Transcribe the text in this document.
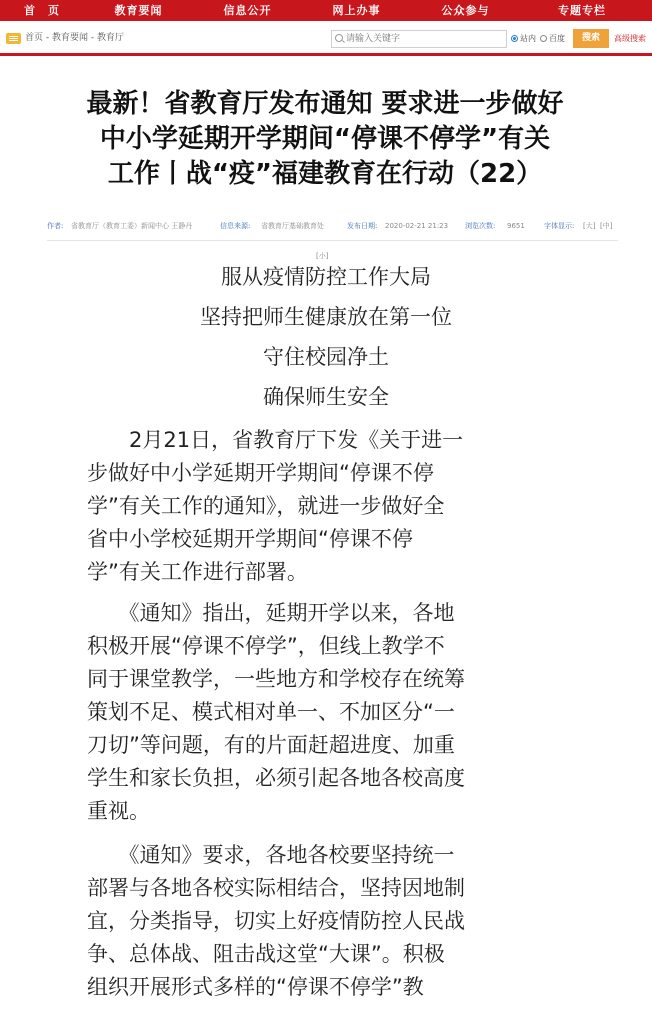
首　页	教育要闻	信息公开	网上办事	公众参与	专题专栏
首页 - 教育要闻 - 教育厅
请输入关键字	站内 百度	搜索	高级搜索
最新！省教育厅发布通知 要求进一步做好
中小学延期开学期间“停课不停学”有关
工作丨战“疫”福建教育在行动（22）
作者: 省教育厅（教育工委）新闻中心 王静丹	信息来源: 省教育厅基础教育处	发布日期: 2020-02-21 21:23 浏览次数: 9651	字体显示: [大] [中]
[小]
服从疫情防控工作大局
坚持把师生健康放在第一位
守住校园净土
确保师生安全
　　2月21日，省教育厅下发《关于进一
步做好中小学延期开学期间“停课不停
学”有关工作的通知》，就进一步做好全
省中小学校延期开学期间“停课不停
学”有关工作进行部署。
　　《通知》指出，延期开学以来，各地
积极开展“停课不停学”，但线上教学不
同于课堂教学，一些地方和学校存在统筹
策划不足、模式相对单一、不加区分“一
刀切”等问题，有的片面赶超进度、加重
学生和家长负担，必须引起各地各校高度
重视。
　　《通知》要求，各地各校要坚持统一
部署与各地各校实际相结合，坚持因地制
宜，分类指导，切实上好疫情防控人民战
争、总体战、阻击战这堂“大课”。积极
组织开展形式多样的“停课不停学”教
